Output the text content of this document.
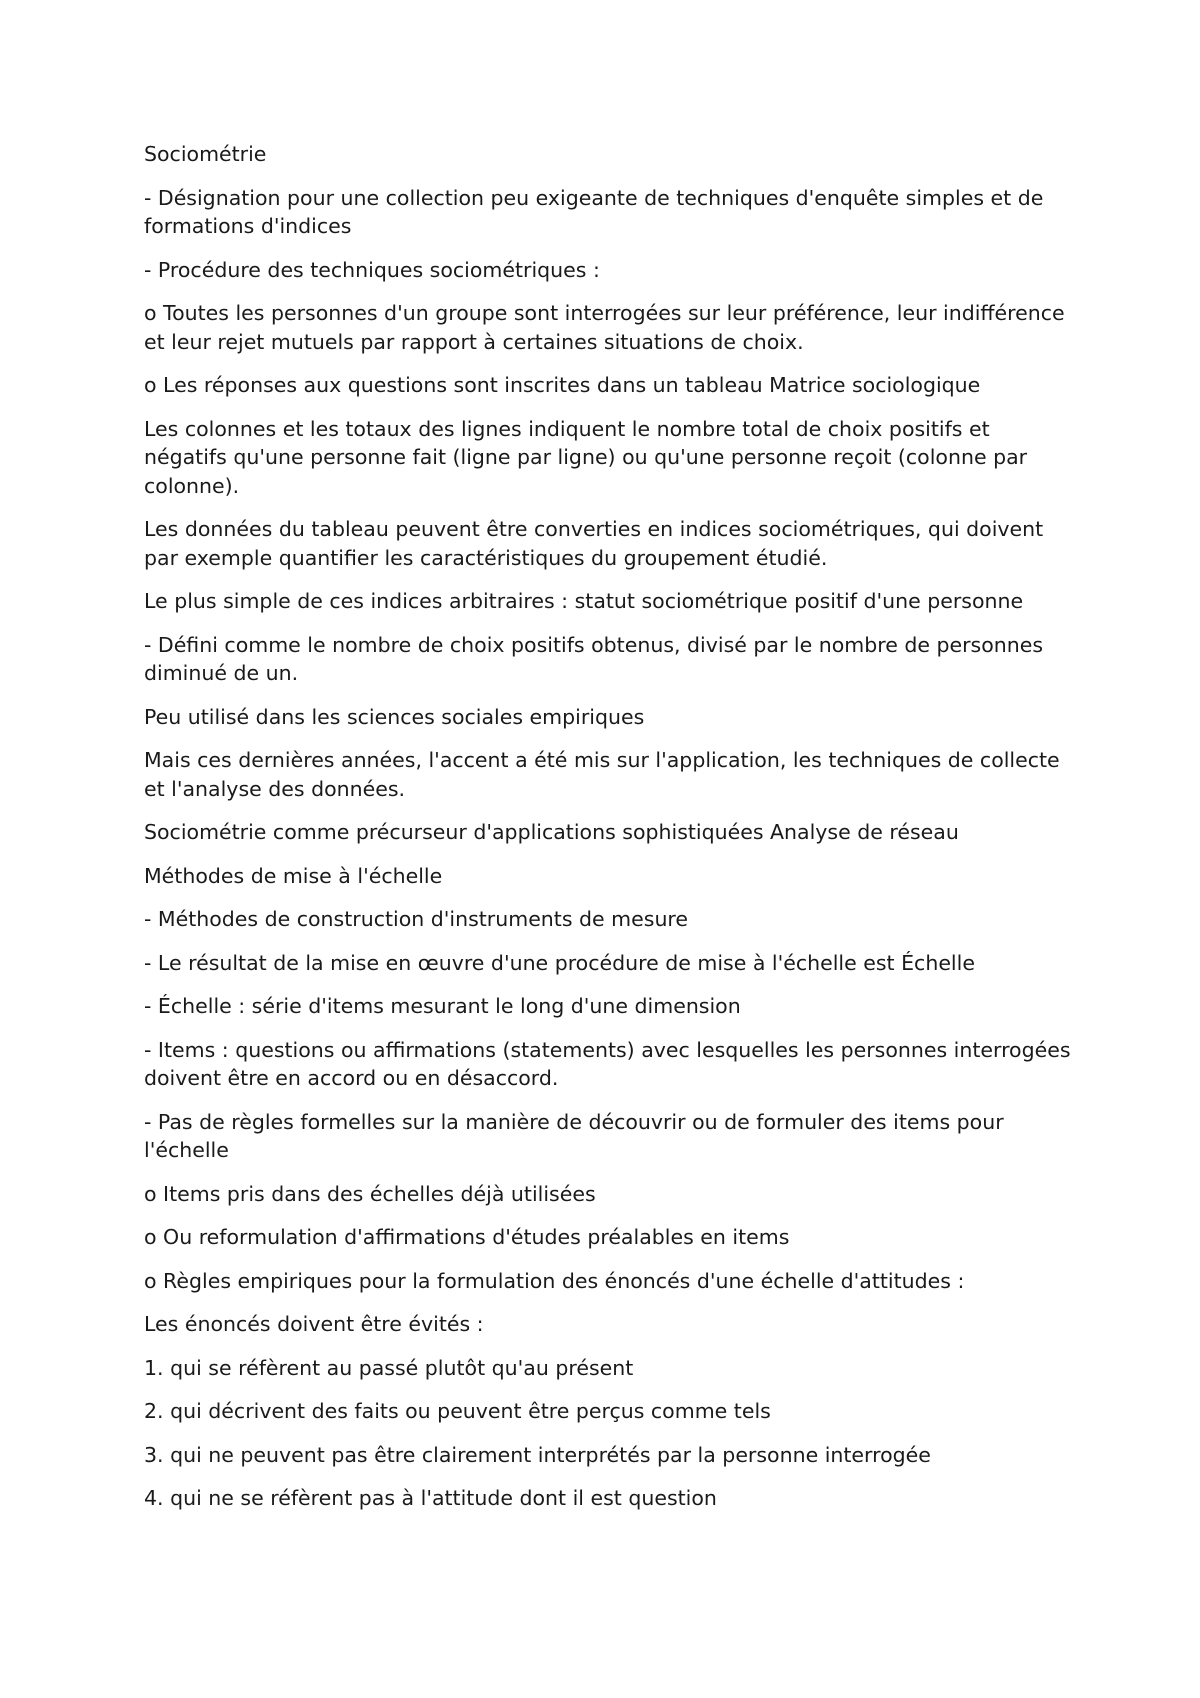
Sociométrie

- Désignation pour une collection peu exigeante de techniques d'enquête simples et de formations d'indices

- Procédure des techniques sociométriques :

o Toutes les personnes d'un groupe sont interrogées sur leur préférence, leur indifférence et leur rejet mutuels par rapport à certaines situations de choix.

o Les réponses aux questions sont inscrites dans un tableau Matrice sociologique

Les colonnes et les totaux des lignes indiquent le nombre total de choix positifs et négatifs qu'une personne fait (ligne par ligne) ou qu'une personne reçoit (colonne par colonne).

Les données du tableau peuvent être converties en indices sociométriques, qui doivent par exemple quantifier les caractéristiques du groupement étudié.

Le plus simple de ces indices arbitraires : statut sociométrique positif d'une personne

- Défini comme le nombre de choix positifs obtenus, divisé par le nombre de personnes diminué de un.

Peu utilisé dans les sciences sociales empiriques

Mais ces dernières années, l'accent a été mis sur l'application, les techniques de collecte et l'analyse des données.

Sociométrie comme précurseur d'applications sophistiquées Analyse de réseau

Méthodes de mise à l'échelle

- Méthodes de construction d'instruments de mesure

- Le résultat de la mise en œuvre d'une procédure de mise à l'échelle est Échelle

- Échelle : série d'items mesurant le long d'une dimension

- Items : questions ou affirmations (statements) avec lesquelles les personnes interrogées doivent être en accord ou en désaccord.

- Pas de règles formelles sur la manière de découvrir ou de formuler des items pour l'échelle

o Items pris dans des échelles déjà utilisées

o Ou reformulation d'affirmations d'études préalables en items

o Règles empiriques pour la formulation des énoncés d'une échelle d'attitudes :

Les énoncés doivent être évités :

1. qui se réfèrent au passé plutôt qu'au présent

2. qui décrivent des faits ou peuvent être perçus comme tels

3. qui ne peuvent pas être clairement interprétés par la personne interrogée

4. qui ne se réfèrent pas à l'attitude dont il est question
